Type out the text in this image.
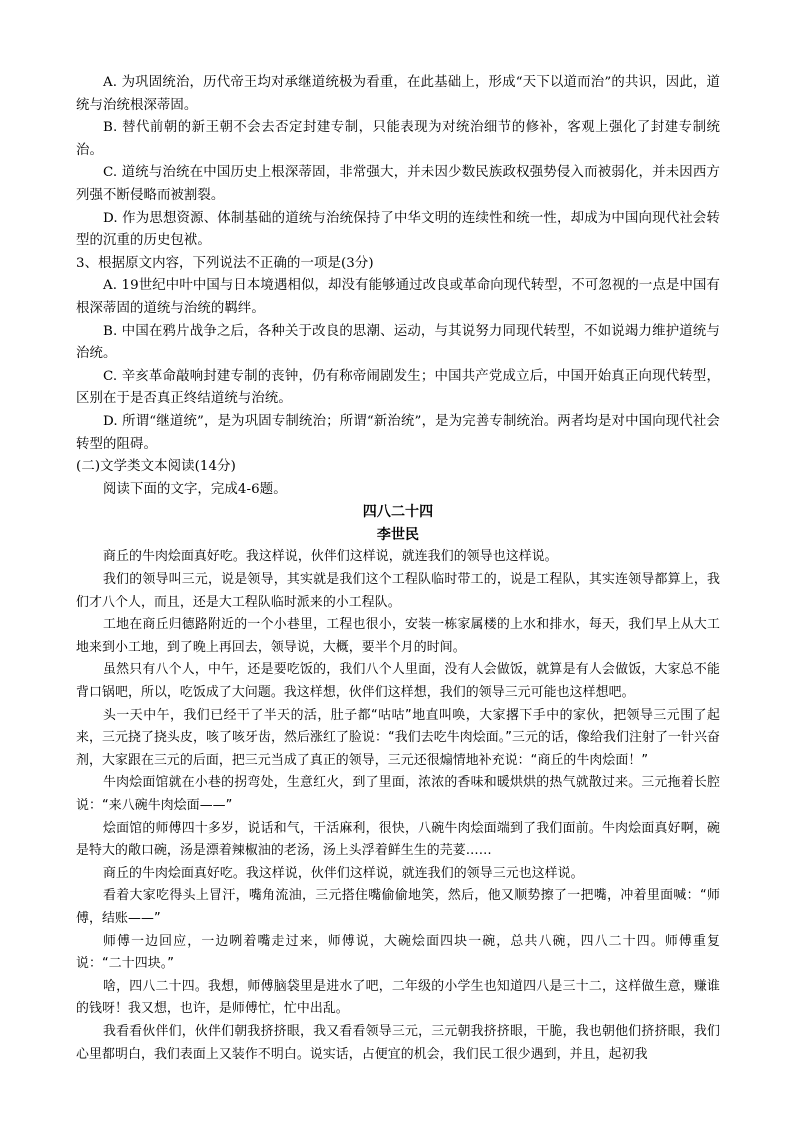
A. 为巩固统治，历代帝王均对承继道统极为看重，在此基础上，形成“天下以道而治”的共识，因此，道统与治统根深蒂固。

B. 替代前朝的新王朝不会去否定封建专制，只能表现为对统治细节的修补，客观上强化了封建专制统治。

C. 道统与治统在中国历史上根深蒂固，非常强大，并未因少数民族政权强势侵入而被弱化，并未因西方列强不断侵略而被割裂。

D. 作为思想资源、体制基础的道统与治统保持了中华文明的连续性和统一性，却成为中国向现代社会转型的沉重的历史包袱。

3、根据原文内容，下列说法不正确的一项是(3分)

A. 19世纪中叶中国与日本境遇相似，却没有能够通过改良或革命向现代转型，不可忽视的一点是中国有根深蒂固的道统与治统的羁绊。

B. 中国在鸦片战争之后，各种关于改良的思潮、运动，与其说努力同现代转型，不如说竭力维护道统与治统。

C. 辛亥革命敲响封建专制的丧钟，仍有称帝闹剧发生；中国共产党成立后，中国开始真正向现代转型，区别在于是否真正终结道统与治统。

D. 所谓“继道统”，是为巩固专制统治；所谓“新治统”，是为完善专制统治。两者均是对中国向现代社会转型的阻碍。

(二)文学类文本阅读(14分)

阅读下面的文字，完成4-6题。

四八二十四

李世民

商丘的牛肉烩面真好吃。我这样说，伙伴们这样说，就连我们的领导也这样说。

我们的领导叫三元，说是领导，其实就是我们这个工程队临时带工的，说是工程队，其实连领导都算上，我们才八个人，而且，还是大工程队临时派来的小工程队。

工地在商丘归德路附近的一个小巷里，工程也很小，安装一栋家属楼的上水和排水，每天，我们早上从大工地来到小工地，到了晚上再回去，领导说，大概，要半个月的时间。

虽然只有八个人，中午，还是要吃饭的，我们八个人里面，没有人会做饭，就算是有人会做饭，大家总不能背口锅吧，所以，吃饭成了大问题。我这样想，伙伴们这样想，我们的领导三元可能也这样想吧。

头一天中午，我们已经干了半天的活，肚子都“咕咕”地直叫唤，大家撂下手中的家伙，把领导三元围了起来，三元挠了挠头皮，咳了咳牙齿，然后涨红了脸说：“我们去吃牛肉烩面。”三元的话，像给我们注射了一针兴奋剂，大家跟在三元的后面，把三元当成了真正的领导，三元还很煽情地补充说：“商丘的牛肉烩面！”

牛肉烩面馆就在小巷的拐弯处，生意红火，到了里面，浓浓的香味和暖烘烘的热气就散过来。三元拖着长腔说：“来八碗牛肉烩面——”

烩面馆的师傅四十多岁，说话和气，干活麻利，很快，八碗牛肉烩面端到了我们面前。牛肉烩面真好啊，碗是特大的敞口碗，汤是漂着辣椒油的老汤，汤上头浮着鲜生生的芫荽……

商丘的牛肉烩面真好吃。我这样说，伙伴们这样说，就连我们的领导三元也这样说。

看着大家吃得头上冒汗，嘴角流油，三元搭住嘴偷偷地笑，然后，他又顺势擦了一把嘴，冲着里面喊：“师傅，结账——”

师傅一边回应，一边咧着嘴走过来，师傅说，大碗烩面四块一碗，总共八碗，四八二十四。师傅重复说：“二十四块。”

啥，四八二十四。我想，师傅脑袋里是进水了吧，二年级的小学生也知道四八是三十二，这样做生意，赚谁的钱呀！我又想，也许，是师傅忙，忙中出乱。

我看看伙伴们，伙伴们朝我挤挤眼，我又看看领导三元，三元朝我挤挤眼，干脆，我也朝他们挤挤眼，我们心里都明白，我们表面上又装作不明白。说实话，占便宜的机会，我们民工很少遇到，并且，起初我
